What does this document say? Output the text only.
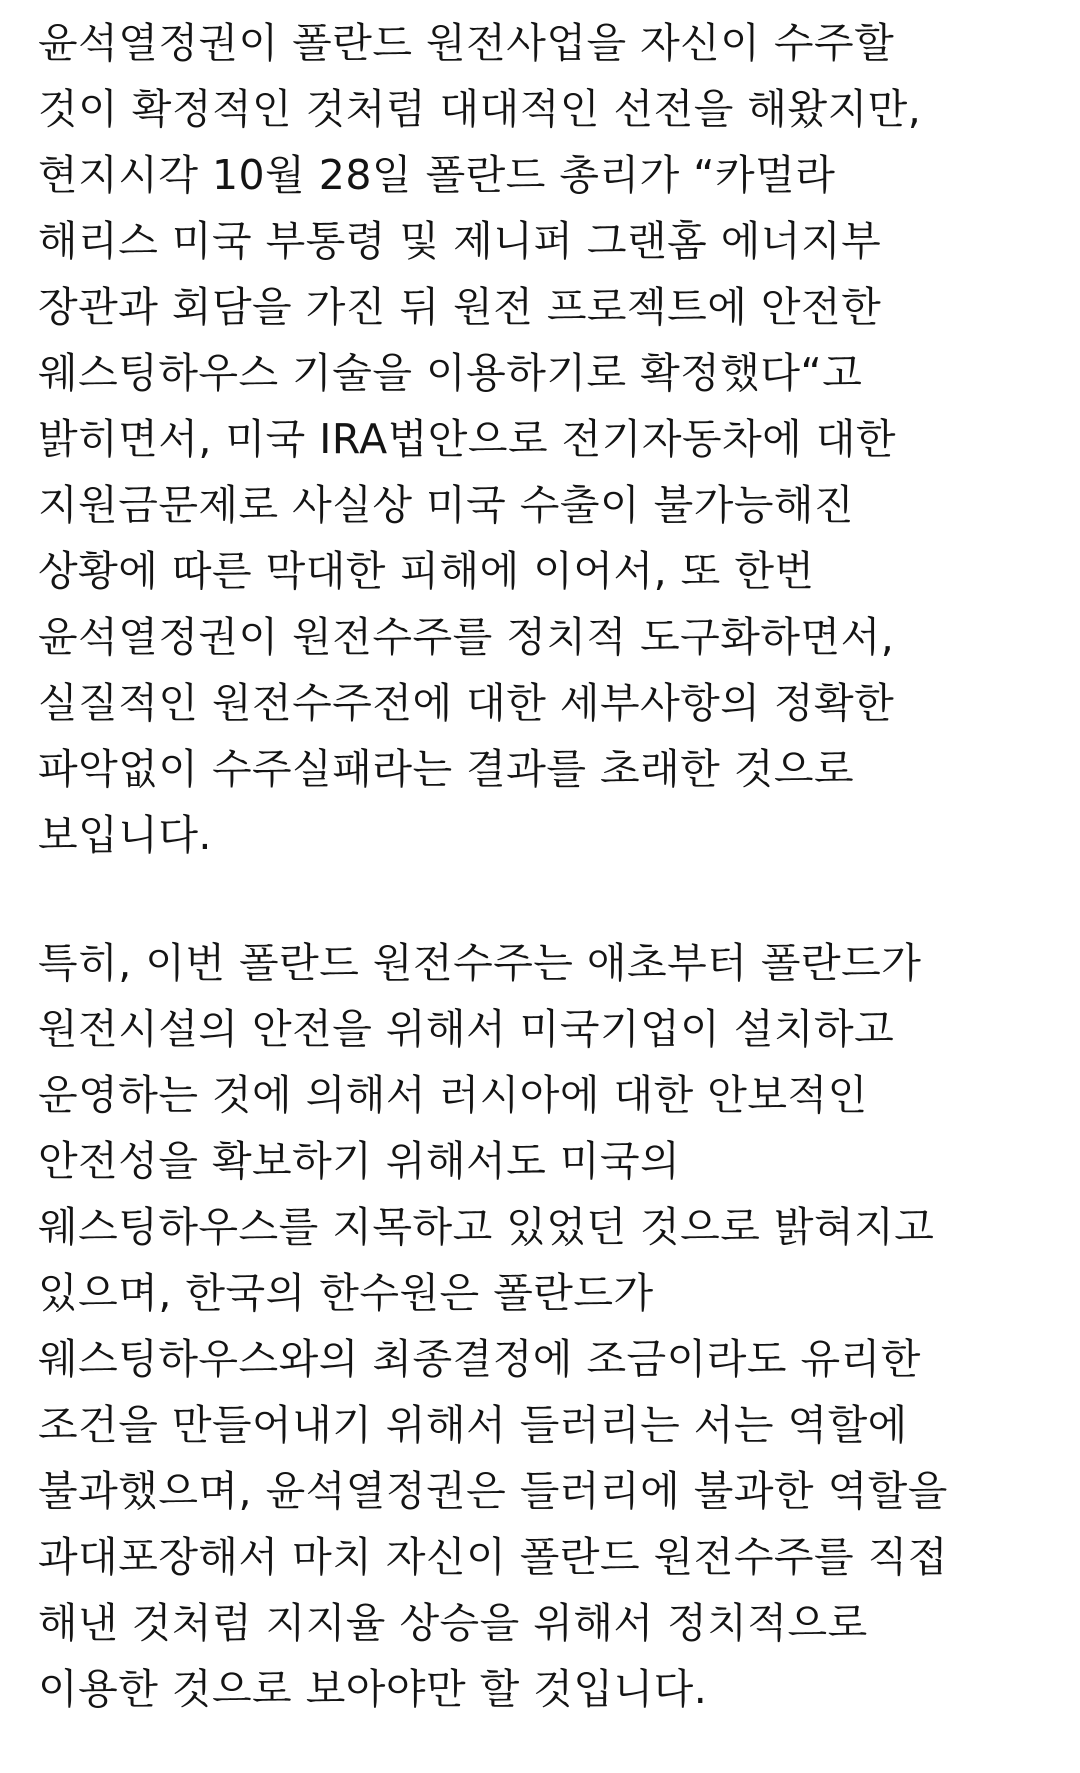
윤석열정권이 폴란드 원전사업을 자신이 수주할
것이 확정적인 것처럼 대대적인 선전을 해왔지만,
현지시각 10월 28일 폴란드 총리가 “카멀라
해리스 미국 부통령 및 제니퍼 그랜홈 에너지부
장관과 회담을 가진 뒤 원전 프로젝트에 안전한
웨스팅하우스 기술을 이용하기로 확정했다“고
밝히면서, 미국 IRA법안으로 전기자동차에 대한
지원금문제로 사실상 미국 수출이 불가능해진
상황에 따른 막대한 피해에 이어서, 또 한번
윤석열정권이 원전수주를 정치적 도구화하면서,
실질적인 원전수주전에 대한 세부사항의 정확한
파악없이 수주실패라는 결과를 초래한 것으로
보입니다.
특히, 이번 폴란드 원전수주는 애초부터 폴란드가
원전시설의 안전을 위해서 미국기업이 설치하고
운영하는 것에 의해서 러시아에 대한 안보적인
안전성을 확보하기 위해서도 미국의
웨스팅하우스를 지목하고 있었던 것으로 밝혀지고
있으며, 한국의 한수원은 폴란드가
웨스팅하우스와의 최종결정에 조금이라도 유리한
조건을 만들어내기 위해서 들러리는 서는 역할에
불과했으며, 윤석열정권은 들러리에 불과한 역할을
과대포장해서 마치 자신이 폴란드 원전수주를 직접
해낸 것처럼 지지율 상승을 위해서 정치적으로
이용한 것으로 보아야만 할 것입니다.
